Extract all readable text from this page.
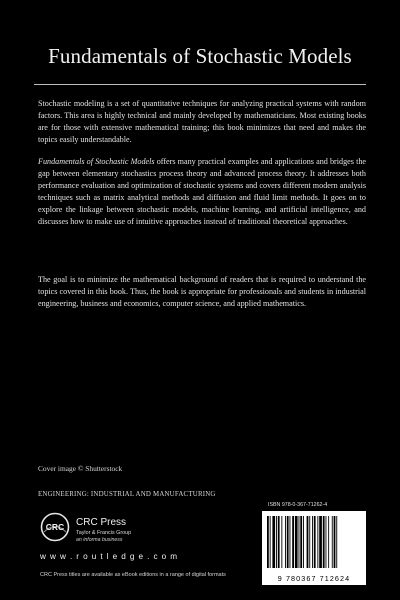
Fundamentals of Stochastic Models

Stochastic modeling is a set of quantitative techniques for analyzing practical systems with random factors. This area is highly technical and mainly developed by mathematicians. Most existing books are for those with extensive mathematical training; this book minimizes that need and makes the topics easily understandable.

Fundamentals of Stochastic Models offers many practical examples and applications and bridges the gap between elementary stochastics process theory and advanced process theory. It addresses both performance evaluation and optimization of stochastic systems and covers different modern analysis techniques such as matrix analytical methods and diffusion and fluid limit methods. It goes on to explore the linkage between stochastic models, machine learning, and artificial intelligence, and discusses how to make use of intuitive approaches instead of traditional theoretical approaches.

The goal is to minimize the mathematical background of readers that is required to understand the topics covered in this book. Thus, the book is appropriate for professionals and students in industrial engineering, business and economics, computer science, and applied mathematics.

Cover image © Shutterstock
ENGINEERING: INDUSTRIAL AND MANUFACTURING
CRC CRC Press
Taylor & Francis Group
an informa business
w w w . r o u t l e d g e . c o m
CRC Press titles are available as eBook editions in a range of digital formats
ISBN 978-0-367-71262-4
9 780367 712624
